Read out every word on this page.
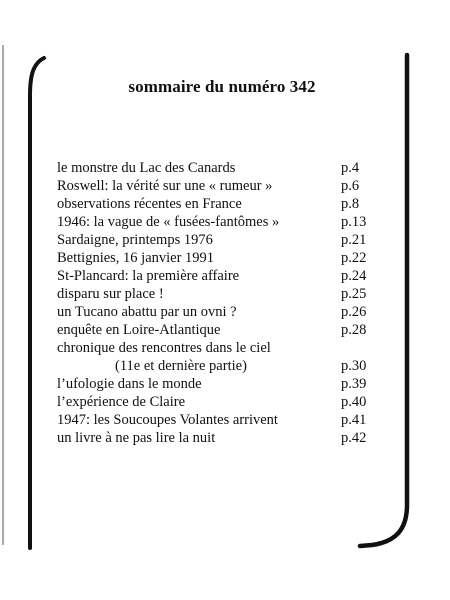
sommaire du numéro 342
le monstre du Lac des Canards	p.4
Roswell: la vérité sur une « rumeur »	p.6
observations récentes en France	p.8
1946: la vague de « fusées-fantômes »	p.13
Sardaigne, printemps 1976	p.21
Bettignies, 16 janvier 1991	p.22
St-Plancard: la première affaire	p.24
disparu sur place !	p.25
un Tucano abattu par un ovni ?	p.26
enquête en Loire-Atlantique	p.28
chronique des rencontres dans le ciel
(11e et dernière partie)	p.30
l’ufologie dans le monde	p.39
l’expérience de Claire	p.40
1947: les Soucoupes Volantes arrivent	p.41
un livre à ne pas lire la nuit	p.42
